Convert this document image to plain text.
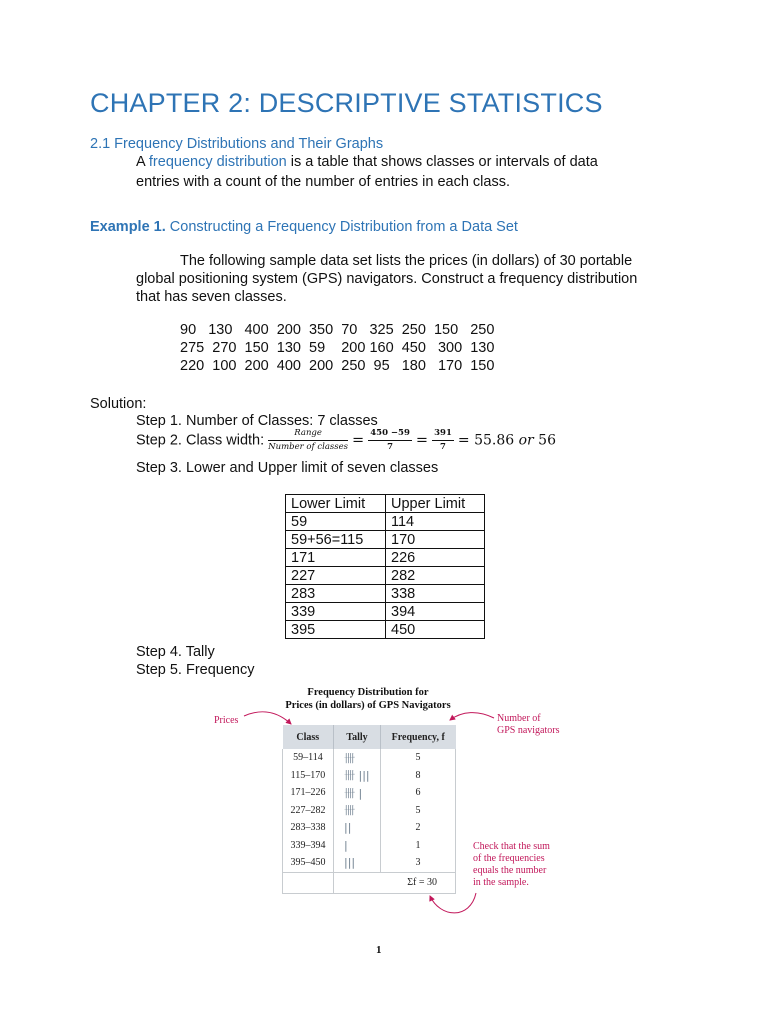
CHAPTER 2: DESCRIPTIVE STATISTICS
2.1 Frequency Distributions and Their Graphs
A frequency distribution is a table that shows classes or intervals of data
entries with a count of the number of entries in each class.
Example 1. Constructing a Frequency Distribution from a Data Set
The following sample data set lists the prices (in dollars) of 30 portable
global positioning system (GPS) navigators. Construct a frequency distribution
that has seven classes.
90   130   400  200  350  70   325  250  150   250
275  270  150  130  59    200 160  450   300  130
220  100  200  400  200  250  95   180   170  150
Solution:
Step 1. Number of Classes: 7 classes
Step 2. Class width: $\frac{\text{Range}}{\text{Number of classes}} = \frac{450 -59}{7} = \frac{391}{7} = 55.86$ or 56
Step 3. Lower and Upper limit of seven classes
Lower Limit	Upper Limit
59	114
59+56=115	170
171	226
227	282
283	338
339	394
395	450
Step 4. Tally
Step 5. Frequency
Frequency Distribution for
Prices (in dollars) of GPS Navigators
Class	Tally	Frequency, f
59–114	卌	5
115–170	卌 |||	8
171–226	卌 |	6
227–282	卌	5
283–338	||	2
339–394	|	1
395–450	|||	3
	Σf = 30	
Prices	Number of
GPS navigators
Check that the sum
of the frequencies
equals the number
in the sample.
1
